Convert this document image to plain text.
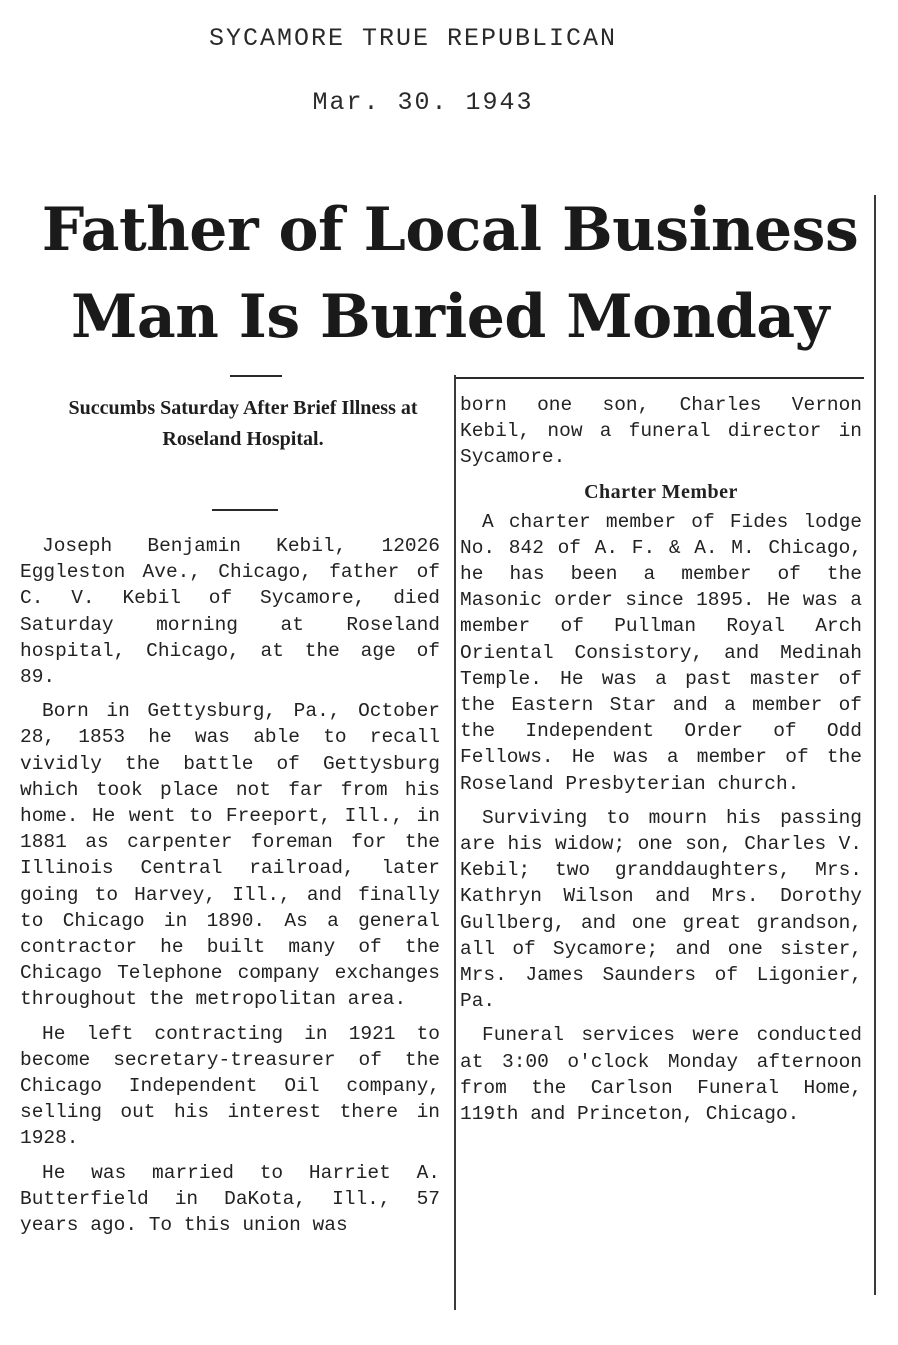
SYCAMORE TRUE REPUBLICAN
Mar. 30. 1943
Father of Local Business
Man Is Buried Monday
Succumbs Saturday After Brief Illness at Roseland Hospital.

Joseph Benjamin Kebil, 12026 Eggleston Ave., Chicago, father of C. V. Kebil of Sycamore, died Saturday morning at Roseland hospital, Chicago, at the age of 89.

Born in Gettysburg, Pa., October 28, 1853 he was able to recall vividly the battle of Gettysburg which took place not far from his home. He went to Freeport, Ill., in 1881 as carpenter foreman for the Illinois Central railroad, later going to Harvey, Ill., and finally to Chicago in 1890. As a general contractor he built many of the Chicago Telephone company exchanges throughout the metropolitan area.

He left contracting in 1921 to become secretary-treasurer of the Chicago Independent Oil company, selling out his interest there in 1928.

He was married to Harriet A. Butterfield in DaKota, Ill., 57 years ago. To this union was

born one son, Charles Vernon Kebil, now a funeral director in Sycamore.

Charter Member

A charter member of Fides lodge No. 842 of A. F. & A. M. Chicago, he has been a member of the Masonic order since 1895. He was a member of Pullman Royal Arch Oriental Consistory, and Medinah Temple. He was a past master of the Eastern Star and a member of the Independent Order of Odd Fellows. He was a member of the Roseland Presbyterian church.

Surviving to mourn his passing are his widow; one son, Charles V. Kebil; two granddaughters, Mrs. Kathryn Wilson and Mrs. Dorothy Gullberg, and one great grandson, all of Sycamore; and one sister, Mrs. James Saunders of Ligonier, Pa.

Funeral services were conducted at 3:00 o'clock Monday afternoon from the Carlson Funeral Home, 119th and Princeton, Chicago.
